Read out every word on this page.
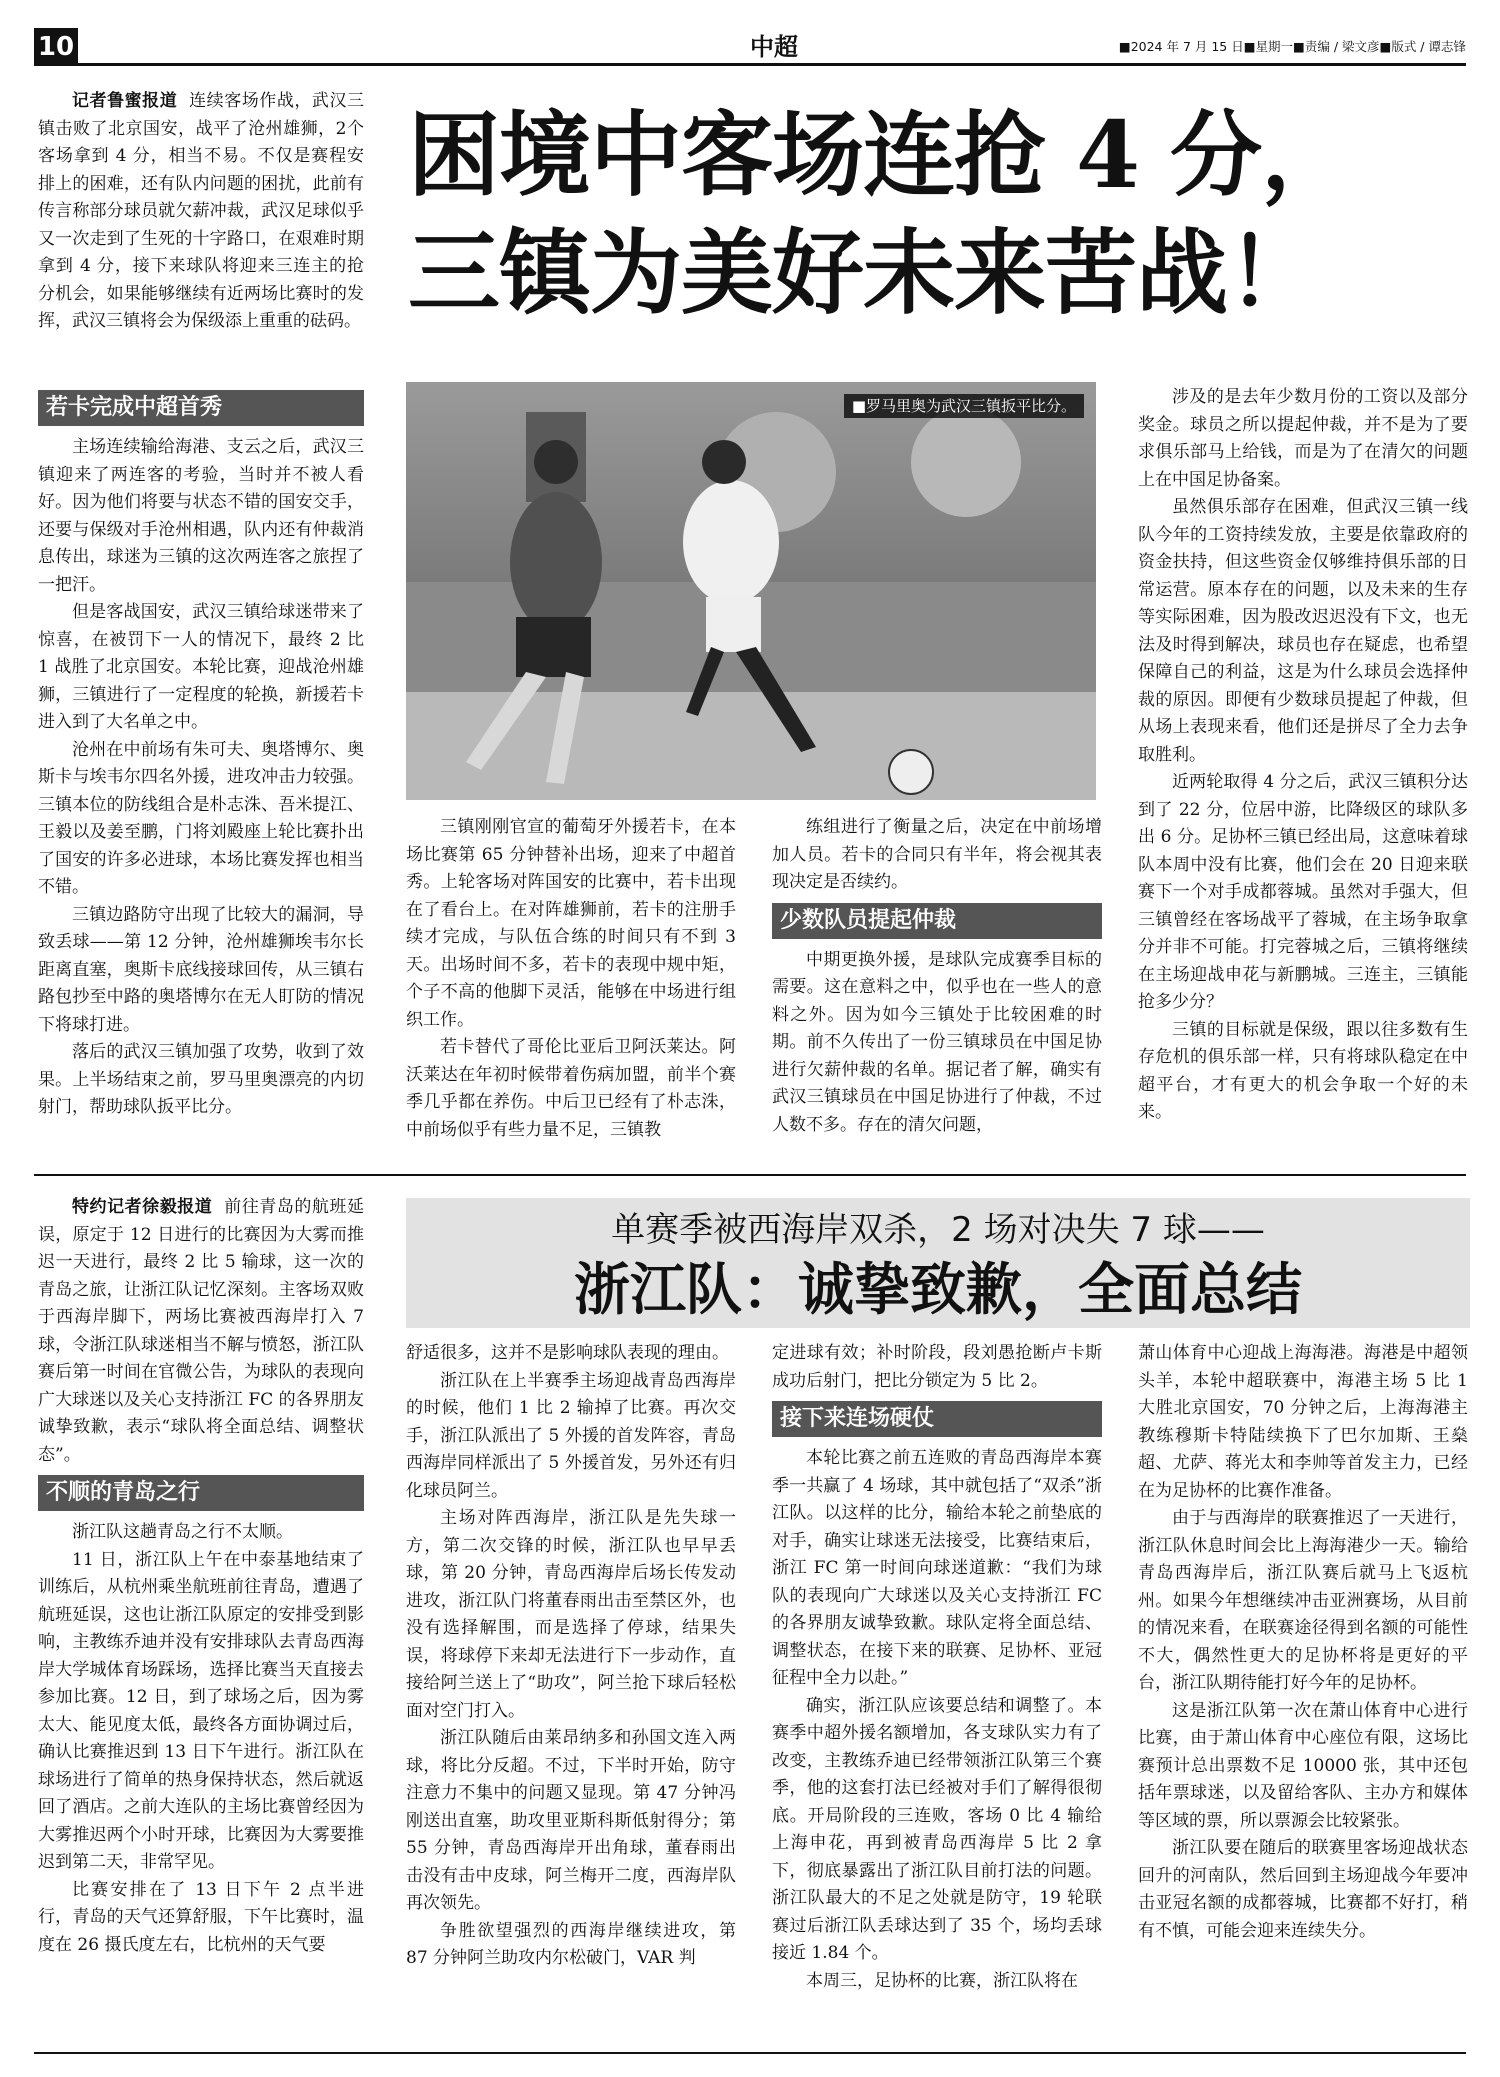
10	中超	■2024 年 7 月 15 日■星期一■责编 / 梁文彦■版式 / 谭志锋
困境中客场连抢 4 分，
三镇为美好未来苦战！

记者鲁蜜报道 连续客场作战，武汉三镇击败了北京国安，战平了沧州雄狮，2个客场拿到 4 分，相当不易。不仅是赛程安排上的困难，还有队内问题的困扰，此前有传言称部分球员就欠薪冲裁，武汉足球似乎又一次走到了生死的十字路口，在艰难时期拿到 4 分，接下来球队将迎来三连主的抢分机会，如果能够继续有近两场比赛时的发挥，武汉三镇将会为保级添上重重的砝码。

■罗马里奥为武汉三镇扳平比分。
若卡完成中超首秀

主场连续输给海港、支云之后，武汉三镇迎来了两连客的考验，当时并不被人看好。因为他们将要与状态不错的国安交手，还要与保级对手沧州相遇，队内还有仲裁消息传出，球迷为三镇的这次两连客之旅捏了一把汗。

但是客战国安，武汉三镇给球迷带来了惊喜，在被罚下一人的情况下，最终 2 比 1 战胜了北京国安。本轮比赛，迎战沧州雄狮，三镇进行了一定程度的轮换，新援若卡进入到了大名单之中。

沧州在中前场有朱可夫、奥塔博尔、奥斯卡与埃韦尔四名外援，进攻冲击力较强。三镇本位的防线组合是朴志洙、吾米提江、王毅以及姜至鹏，门将刘殿座上轮比赛扑出了国安的许多必进球，本场比赛发挥也相当不错。

三镇边路防守出现了比较大的漏洞，导致丢球——第 12 分钟，沧州雄狮埃韦尔长距离直塞，奥斯卡底线接球回传，从三镇右路包抄至中路的奥塔博尔在无人盯防的情况下将球打进。

落后的武汉三镇加强了攻势，收到了效果。上半场结束之前，罗马里奥漂亮的内切射门，帮助球队扳平比分。

三镇刚刚官宣的葡萄牙外援若卡，在本场比赛第 65 分钟替补出场，迎来了中超首秀。上轮客场对阵国安的比赛中，若卡出现在了看台上。在对阵雄狮前，若卡的注册手续才完成，与队伍合练的时间只有不到 3 天。出场时间不多，若卡的表现中规中矩，个子不高的他脚下灵活，能够在中场进行组织工作。

若卡替代了哥伦比亚后卫阿沃莱达。阿沃莱达在年初时候带着伤病加盟，前半个赛季几乎都在养伤。中后卫已经有了朴志洙，中前场似乎有些力量不足，三镇教

练组进行了衡量之后，决定在中前场增加人员。若卡的合同只有半年，将会视其表现决定是否续约。

少数队员提起仲裁

中期更换外援，是球队完成赛季目标的需要。这在意料之中，似乎也在一些人的意料之外。因为如今三镇处于比较困难的时期。前不久传出了一份三镇球员在中国足协进行欠薪仲裁的名单。据记者了解，确实有武汉三镇球员在中国足协进行了仲裁，不过人数不多。存在的清欠问题，

涉及的是去年少数月份的工资以及部分奖金。球员之所以提起仲裁，并不是为了要求俱乐部马上给钱，而是为了在清欠的问题上在中国足协备案。

虽然俱乐部存在困难，但武汉三镇一线队今年的工资持续发放，主要是依靠政府的资金扶持，但这些资金仅够维持俱乐部的日常运营。原本存在的问题，以及未来的生存等实际困难，因为股改迟迟没有下文，也无法及时得到解决，球员也存在疑虑，也希望保障自己的利益，这是为什么球员会选择仲裁的原因。即便有少数球员提起了仲裁，但从场上表现来看，他们还是拼尽了全力去争取胜利。

近两轮取得 4 分之后，武汉三镇积分达到了 22 分，位居中游，比降级区的球队多出 6 分。足协杯三镇已经出局，这意味着球队本周中没有比赛，他们会在 20 日迎来联赛下一个对手成都蓉城。虽然对手强大，但三镇曾经在客场战平了蓉城，在主场争取拿分并非不可能。打完蓉城之后，三镇将继续在主场迎战申花与新鹏城。三连主，三镇能抢多少分？

三镇的目标就是保级，跟以往多数有生存危机的俱乐部一样，只有将球队稳定在中超平台，才有更大的机会争取一个好的未来。

单赛季被西海岸双杀，2 场对决失 7 球——
浙江队：诚挚致歉，全面总结

特约记者徐毅报道 前往青岛的航班延误，原定于 12 日进行的比赛因为大雾而推迟一天进行，最终 2 比 5 输球，这一次的青岛之旅，让浙江队记忆深刻。主客场双败于西海岸脚下，两场比赛被西海岸打入 7 球，令浙江队球迷相当不解与愤怒，浙江队赛后第一时间在官微公告，为球队的表现向广大球迷以及关心支持浙江 FC 的各界朋友诚挚致歉，表示“球队将全面总结、调整状态”。

不顺的青岛之行

浙江队这趟青岛之行不太顺。

11 日，浙江队上午在中泰基地结束了训练后，从杭州乘坐航班前往青岛，遭遇了航班延误，这也让浙江队原定的安排受到影响，主教练乔迪并没有安排球队去青岛西海岸大学城体育场踩场，选择比赛当天直接去参加比赛。12 日，到了球场之后，因为雾太大、能见度太低，最终各方面协调过后，确认比赛推迟到 13 日下午进行。浙江队在球场进行了简单的热身保持状态，然后就返回了酒店。之前大连队的主场比赛曾经因为大雾推迟两个小时开球，比赛因为大雾要推迟到第二天，非常罕见。

比赛安排在了 13 日下午 2 点半进行，青岛的天气还算舒服，下午比赛时，温度在 26 摄氏度左右，比杭州的天气要

舒适很多，这并不是影响球队表现的理由。

浙江队在上半赛季主场迎战青岛西海岸的时候，他们 1 比 2 输掉了比赛。再次交手，浙江队派出了 5 外援的首发阵容，青岛西海岸同样派出了 5 外援首发，另外还有归化球员阿兰。

主场对阵西海岸，浙江队是先失球一方，第二次交锋的时候，浙江队也早早丢球，第 20 分钟，青岛西海岸后场长传发动进攻，浙江队门将董春雨出击至禁区外，也没有选择解围，而是选择了停球，结果失误，将球停下来却无法进行下一步动作，直接给阿兰送上了“助攻”，阿兰抢下球后轻松面对空门打入。

浙江队随后由莱昂纳多和孙国文连入两球，将比分反超。不过，下半时开始，防守注意力不集中的问题又显现。第 47 分钟冯刚送出直塞，助攻里亚斯科斯低射得分；第 55 分钟，青岛西海岸开出角球，董春雨出击没有击中皮球，阿兰梅开二度，西海岸队再次领先。

争胜欲望强烈的西海岸继续进攻，第 87 分钟阿兰助攻内尔松破门，VAR 判

定进球有效；补时阶段，段刘愚抢断卢卡斯成功后射门，把比分锁定为 5 比 2。

接下来连场硬仗

本轮比赛之前五连败的青岛西海岸本赛季一共赢了 4 场球，其中就包括了“双杀”浙江队。以这样的比分，输给本轮之前垫底的对手，确实让球迷无法接受，比赛结束后，浙江 FC 第一时间向球迷道歉：“我们为球队的表现向广大球迷以及关心支持浙江 FC 的各界朋友诚挚致歉。球队定将全面总结、调整状态，在接下来的联赛、足协杯、亚冠征程中全力以赴。”

确实，浙江队应该要总结和调整了。本赛季中超外援名额增加，各支球队实力有了改变，主教练乔迪已经带领浙江队第三个赛季，他的这套打法已经被对手们了解得很彻底。开局阶段的三连败，客场 0 比 4 输给上海申花，再到被青岛西海岸 5 比 2 拿下，彻底暴露出了浙江队目前打法的问题。浙江队最大的不足之处就是防守，19 轮联赛过后浙江队丢球达到了 35 个，场均丢球接近 1.84 个。

本周三，足协杯的比赛，浙江队将在

萧山体育中心迎战上海海港。海港是中超领头羊，本轮中超联赛中，海港主场 5 比 1 大胜北京国安，70 分钟之后，上海海港主教练穆斯卡特陆续换下了巴尔加斯、王燊超、尤萨、蒋光太和李帅等首发主力，已经在为足协杯的比赛作准备。

由于与西海岸的联赛推迟了一天进行，浙江队休息时间会比上海海港少一天。输给青岛西海岸后，浙江队赛后就马上飞返杭州。如果今年想继续冲击亚洲赛场，从目前的情况来看，在联赛途径得到名额的可能性不大，偶然性更大的足协杯将是更好的平台，浙江队期待能打好今年的足协杯。

这是浙江队第一次在萧山体育中心进行比赛，由于萧山体育中心座位有限，这场比赛预计总出票数不足 10000 张，其中还包括年票球迷，以及留给客队、主办方和媒体等区域的票，所以票源会比较紧张。

浙江队要在随后的联赛里客场迎战状态回升的河南队，然后回到主场迎战今年要冲击亚冠名额的成都蓉城，比赛都不好打，稍有不慎，可能会迎来连续失分。
